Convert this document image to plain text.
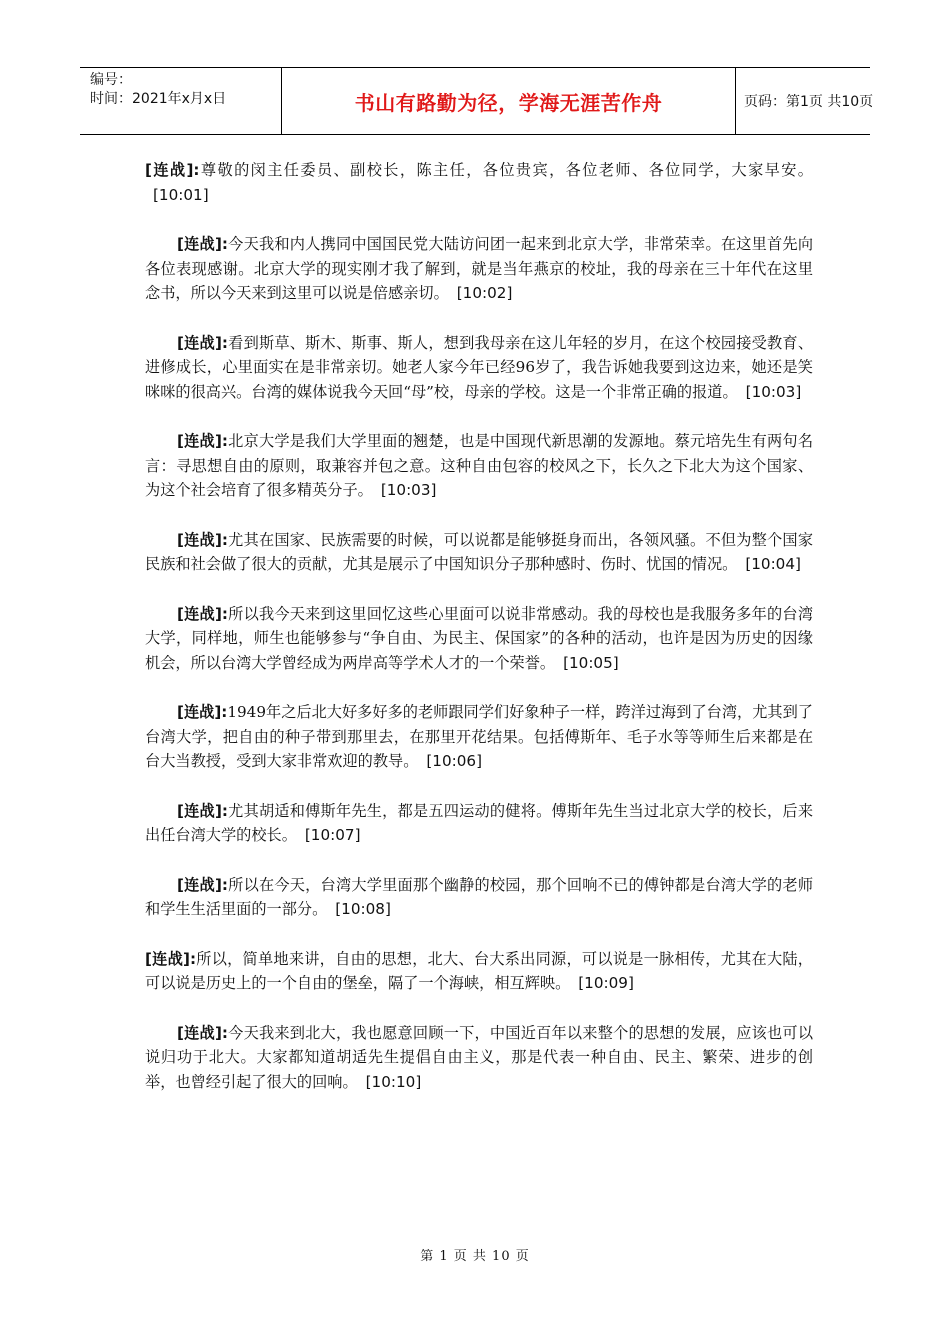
编号：
时间：2021年x月x日	书山有路勤为径，学海无涯苦作舟	页码：第1页 共10页

[连战]:尊敬的闵主任委员、副校长，陈主任，各位贵宾，各位老师、各位同学，大家早安。[10:01]

[连战]:今天我和内人携同中国国民党大陆访问团一起来到北京大学，非常荣幸。在这里首先向各位表现感谢。北京大学的现实刚才我了解到，就是当年燕京的校址，我的母亲在三十年代在这里念书，所以今天来到这里可以说是倍感亲切。 [10:02]

[连战]:看到斯草、斯木、斯事、斯人，想到我母亲在这儿年轻的岁月，在这个校园接受教育、进修成长，心里面实在是非常亲切。她老人家今年已经96岁了，我告诉她我要到这边来，她还是笑咪咪的很高兴。台湾的媒体说我今天回“母”校，母亲的学校。这是一个非常正确的报道。 [10:03]

[连战]:北京大学是我们大学里面的翘楚，也是中国现代新思潮的发源地。蔡元培先生有两句名言：寻思想自由的原则，取兼容并包之意。这种自由包容的校风之下，长久之下北大为这个国家、为这个社会培育了很多精英分子。 [10:03]

[连战]:尤其在国家、民族需要的时候，可以说都是能够挺身而出，各领风骚。不但为整个国家民族和社会做了很大的贡献，尤其是展示了中国知识分子那种感时、伤时、忧国的情况。 [10:04]

[连战]:所以我今天来到这里回忆这些心里面可以说非常感动。我的母校也是我服务多年的台湾大学，同样地，师生也能够参与“争自由、为民主、保国家”的各种的活动，也许是因为历史的因缘机会，所以台湾大学曾经成为两岸高等学术人才的一个荣誉。 [10:05]

[连战]:1949年之后北大好多好多的老师跟同学们好象种子一样，跨洋过海到了台湾，尤其到了台湾大学，把自由的种子带到那里去，在那里开花结果。包括傅斯年、毛子水等等师生后来都是在台大当教授，受到大家非常欢迎的教导。 [10:06]

[连战]:尤其胡适和傅斯年先生，都是五四运动的健将。傅斯年先生当过北京大学的校长，后来出任台湾大学的校长。 [10:07]

[连战]:所以在今天，台湾大学里面那个幽静的校园，那个回响不已的傅钟都是台湾大学的老师和学生生活里面的一部分。 [10:08]

[连战]:所以，简单地来讲，自由的思想，北大、台大系出同源，可以说是一脉相传，尤其在大陆，可以说是历史上的一个自由的堡垒，隔了一个海峡，相互辉映。 [10:09]

[连战]:今天我来到北大，我也愿意回顾一下，中国近百年以来整个的思想的发展，应该也可以说归功于北大。大家都知道胡适先生提倡自由主义，那是代表一种自由、民主、繁荣、进步的创举，也曾经引起了很大的回响。 [10:10]

第 1 页 共 10 页
